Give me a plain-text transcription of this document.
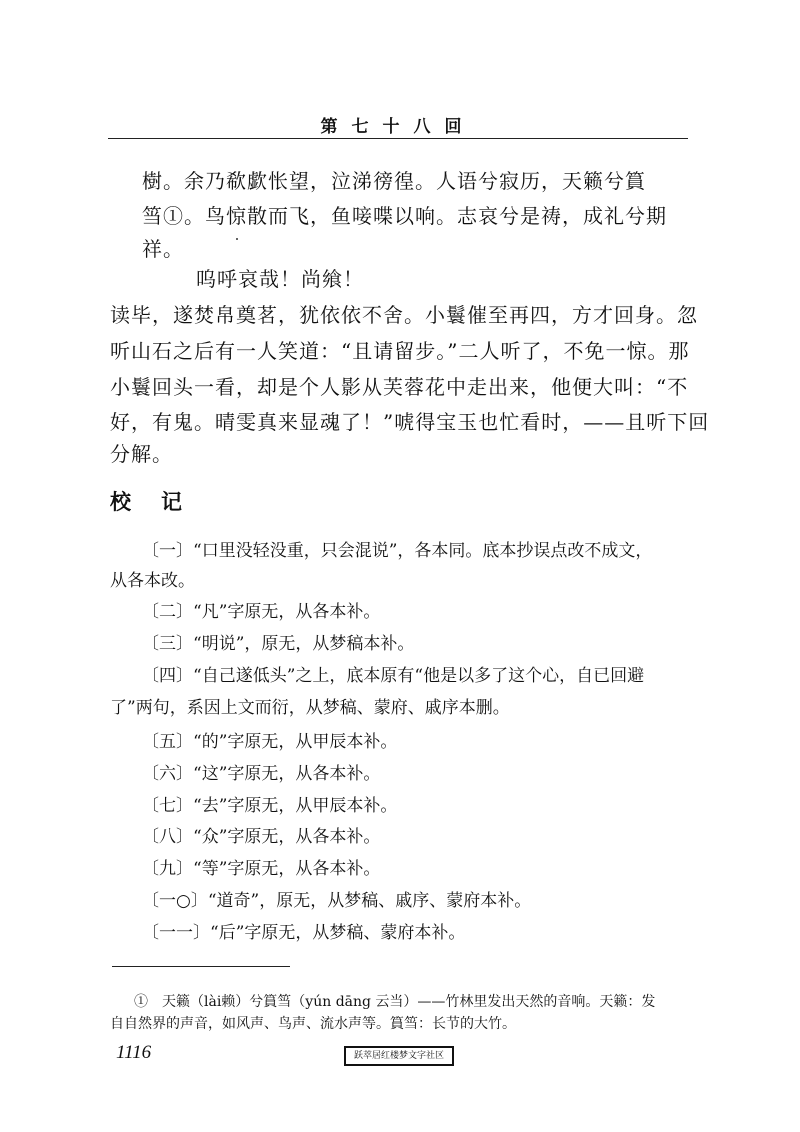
第七十八回
樹。余乃欷歔怅望，泣涕徬徨。人语兮寂历，天籁兮篔
筜①。鸟惊散而飞，鱼唼喋以响。志哀兮是祷，成礼兮期
祥。
呜呼哀哉！尚飨！
读毕，遂焚帛奠茗，犹依依不舍。小鬟催至再四，方才回身。忽
听山石之后有一人笑道：“且请留步。”二人听了，不免一惊。那
小鬟回头一看，却是个人影从芙蓉花中走出来，他便大叫：“不
好，有鬼。晴雯真来显魂了！”唬得宝玉也忙看时，——且听下回
分解。
校记
〔一〕“口里没轻没重，只会混说”，各本同。底本抄误点改不成文，
从各本改。
〔二〕“凡”字原无，从各本补。
〔三〕“明说”，原无，从梦稿本补。
〔四〕“自己遂低头”之上，底本原有“他是以多了这个心，自已回避
了”两句，系因上文而衍，从梦稿、蒙府、戚序本删。
〔五〕“的”字原无，从甲辰本补。
〔六〕“这”字原无，从各本补。
〔七〕“去”字原无，从甲辰本补。
〔八〕“众”字原无，从各本补。
〔九〕“等”字原无，从各本补。
〔一○〕“道奇”，原无，从梦稿、戚序、蒙府本补。
〔一一〕“后”字原无，从梦稿、蒙府本补。
①　天籁（lài赖）兮篔筜（yún dāng 云当）——竹林里发出天然的音响。天籁：发
自自然界的声音，如风声、鸟声、流水声等。篔筜：长节的大竹。
1116	跃萃居红楼梦文字社区
